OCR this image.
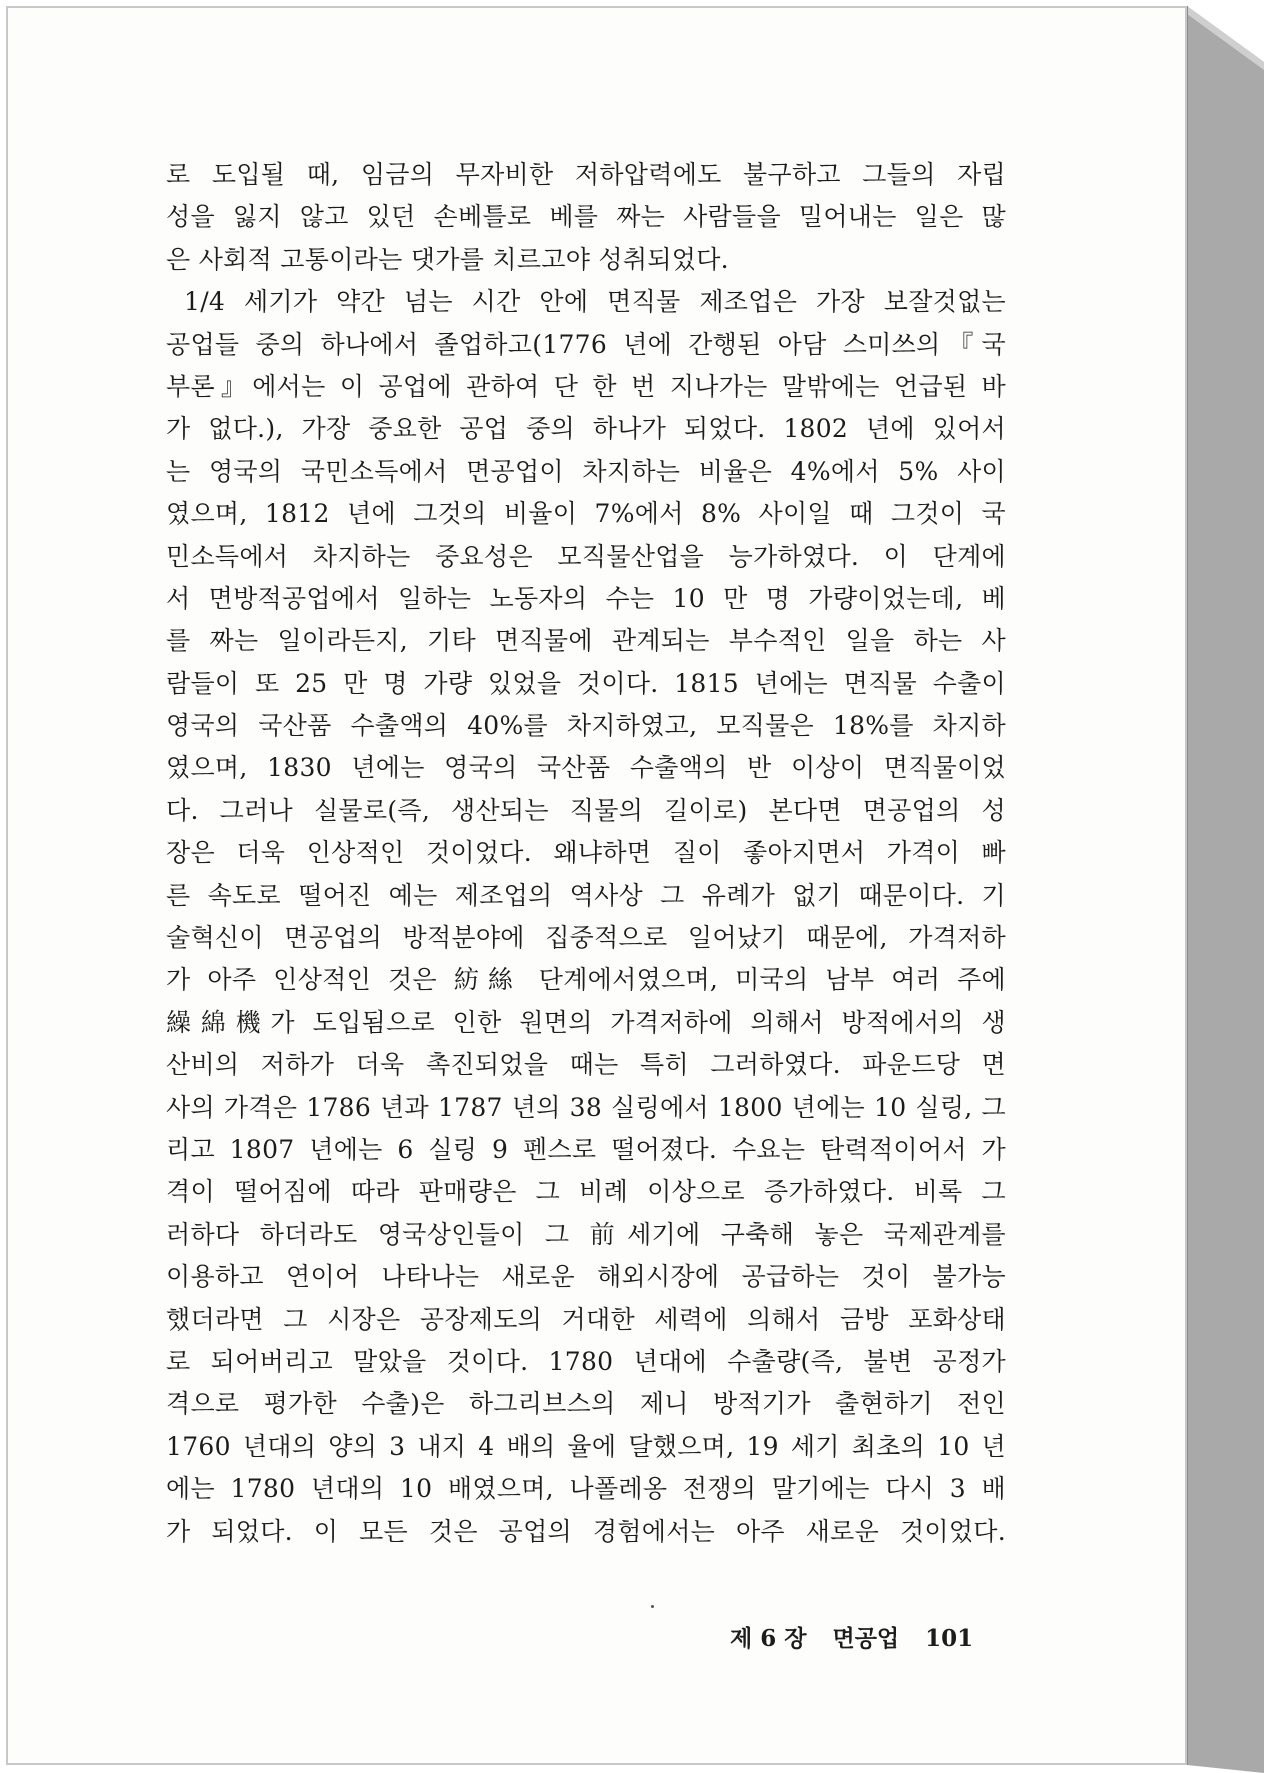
로 도입될 때, 임금의 무자비한 저하압력에도 불구하고 그들의 자립
성을 잃지 않고 있던 손베틀로 베를 짜는 사람들을 밀어내는 일은 많
은 사회적 고통이라는 댓가를 치르고야 성취되었다.
1/4 세기가 약간 넘는 시간 안에 면직물 제조업은 가장 보잘것없는
공업들 중의 하나에서 졸업하고(1776 년에 간행된 아담 스미쓰의『국
부론』에서는 이 공업에 관하여 단 한 번 지나가는 말밖에는 언급된 바
가 없다.), 가장 중요한 공업 중의 하나가 되었다. 1802 년에 있어서
는 영국의 국민소득에서 면공업이 차지하는 비율은 4%에서 5% 사이
였으며, 1812 년에 그것의 비율이 7%에서 8% 사이일 때 그것이 국
민소득에서 차지하는 중요성은 모직물산업을 능가하였다. 이 단계에
서 면방적공업에서 일하는 노동자의 수는 10 만 명 가량이었는데, 베
를 짜는 일이라든지, 기타 면직물에 관계되는 부수적인 일을 하는 사
람들이 또 25 만 명 가량 있었을 것이다. 1815 년에는 면직물 수출이
영국의 국산품 수출액의 40%를 차지하였고, 모직물은 18%를 차지하
였으며, 1830 년에는 영국의 국산품 수출액의 반 이상이 면직물이었
다. 그러나 실물로(즉, 생산되는 직물의 길이로) 본다면 면공업의 성
장은 더욱 인상적인 것이었다. 왜냐하면 질이 좋아지면서 가격이 빠
른 속도로 떨어진 예는 제조업의 역사상 그 유례가 없기 때문이다. 기
술혁신이 면공업의 방적분야에 집중적으로 일어났기 때문에, 가격저하
가 아주 인상적인 것은 紡絲 단계에서였으며, 미국의 남부 여러 주에
繰綿機가 도입됨으로 인한 원면의 가격저하에 의해서 방적에서의 생
산비의 저하가 더욱 촉진되었을 때는 특히 그러하였다. 파운드당 면
사의 가격은 1786 년과 1787 년의 38 실링에서 1800 년에는 10 실링, 그
리고 1807 년에는 6 실링 9 펜스로 떨어졌다. 수요는 탄력적이어서 가
격이 떨어짐에 따라 판매량은 그 비례 이상으로 증가하였다. 비록 그
러하다 하더라도 영국상인들이 그 前세기에 구축해 놓은 국제관계를
이용하고 연이어 나타나는 새로운 해외시장에 공급하는 것이 불가능
했더라면 그 시장은 공장제도의 거대한 세력에 의해서 금방 포화상태
로 되어버리고 말았을 것이다. 1780 년대에 수출량(즉, 불변 공정가
격으로 평가한 수출)은 하그리브스의 제니 방적기가 출현하기 전인
1760 년대의 양의 3 내지 4 배의 율에 달했으며, 19 세기 최초의 10 년
에는 1780 년대의 10 배였으며, 나폴레옹 전쟁의 말기에는 다시 3 배
가 되었다. 이 모든 것은 공업의 경험에서는 아주 새로운 것이었다.
제 6 장 면공업 101
